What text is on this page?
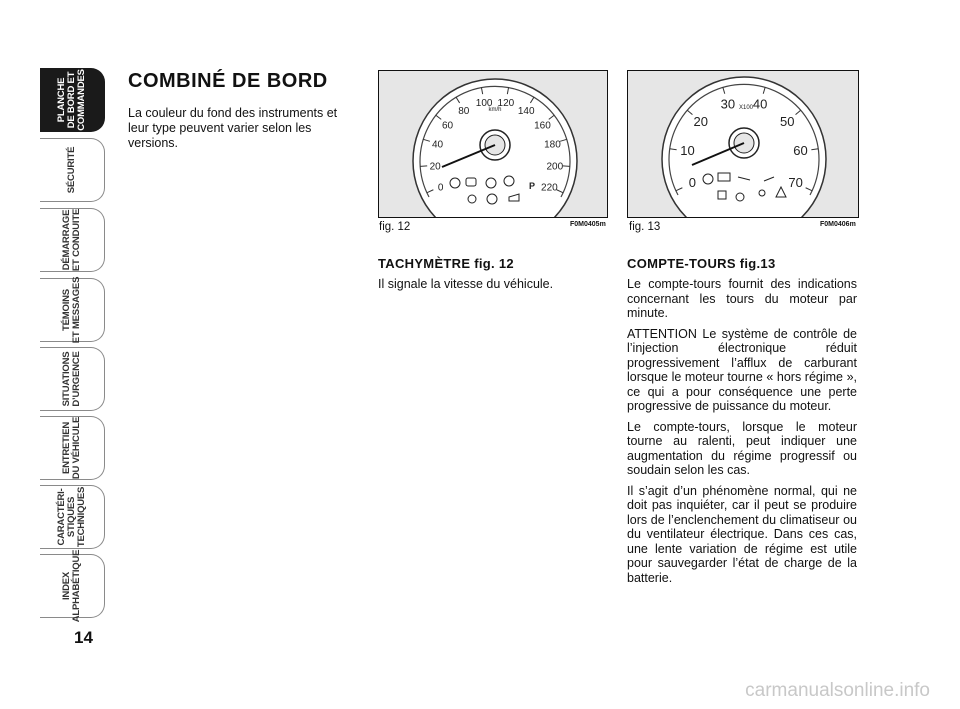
PLANCHE
DE BORD ET
COMMANDES
SÉCURITÉ
DÉMARRAGE
ET CONDUITE
TÉMOINS
ET MESSAGES
SITUATIONS
D’URGENCE
ENTRETIEN
DU VÉHICULE
CARACTÉRI-
STIQUES
TECHNIQUES
INDEX
ALPHABÉTIQUE
14
COMBINÉ DE BORD
La couleur du fond des instruments et leur type peuvent varier selon les versions.
0
20
40
60
80
100 120
140
160
180
200
220
km/h
P
fig. 12	F0M0405m
0
10
20
30 40
50
60
70
X100
fig. 13	F0M0406m
TACHYMÈTRE fig. 12

Il signale la vitesse du véhicule.

COMPTE-TOURS fig.13

Le compte-tours fournit des indications concernant les tours du moteur par minute.

ATTENTION Le système de contrôle de l’injection électronique réduit progressivement l’afflux de carburant lorsque le moteur tourne « hors régime », ce qui a pour conséquence une perte progressive de puissance du moteur.

Le compte-tours, lorsque le moteur tourne au ralenti, peut indiquer une augmentation du régime progressif ou soudain selon les cas.

Il s’agit d’un phénomène normal, qui ne doit pas inquiéter, car il peut se produire lors de l’enclenchement du climatiseur ou du ventilateur électrique. Dans ces cas, une lente variation de régime est utile pour sauvegarder l’état de charge de la batterie.

carmanualsonline.info
